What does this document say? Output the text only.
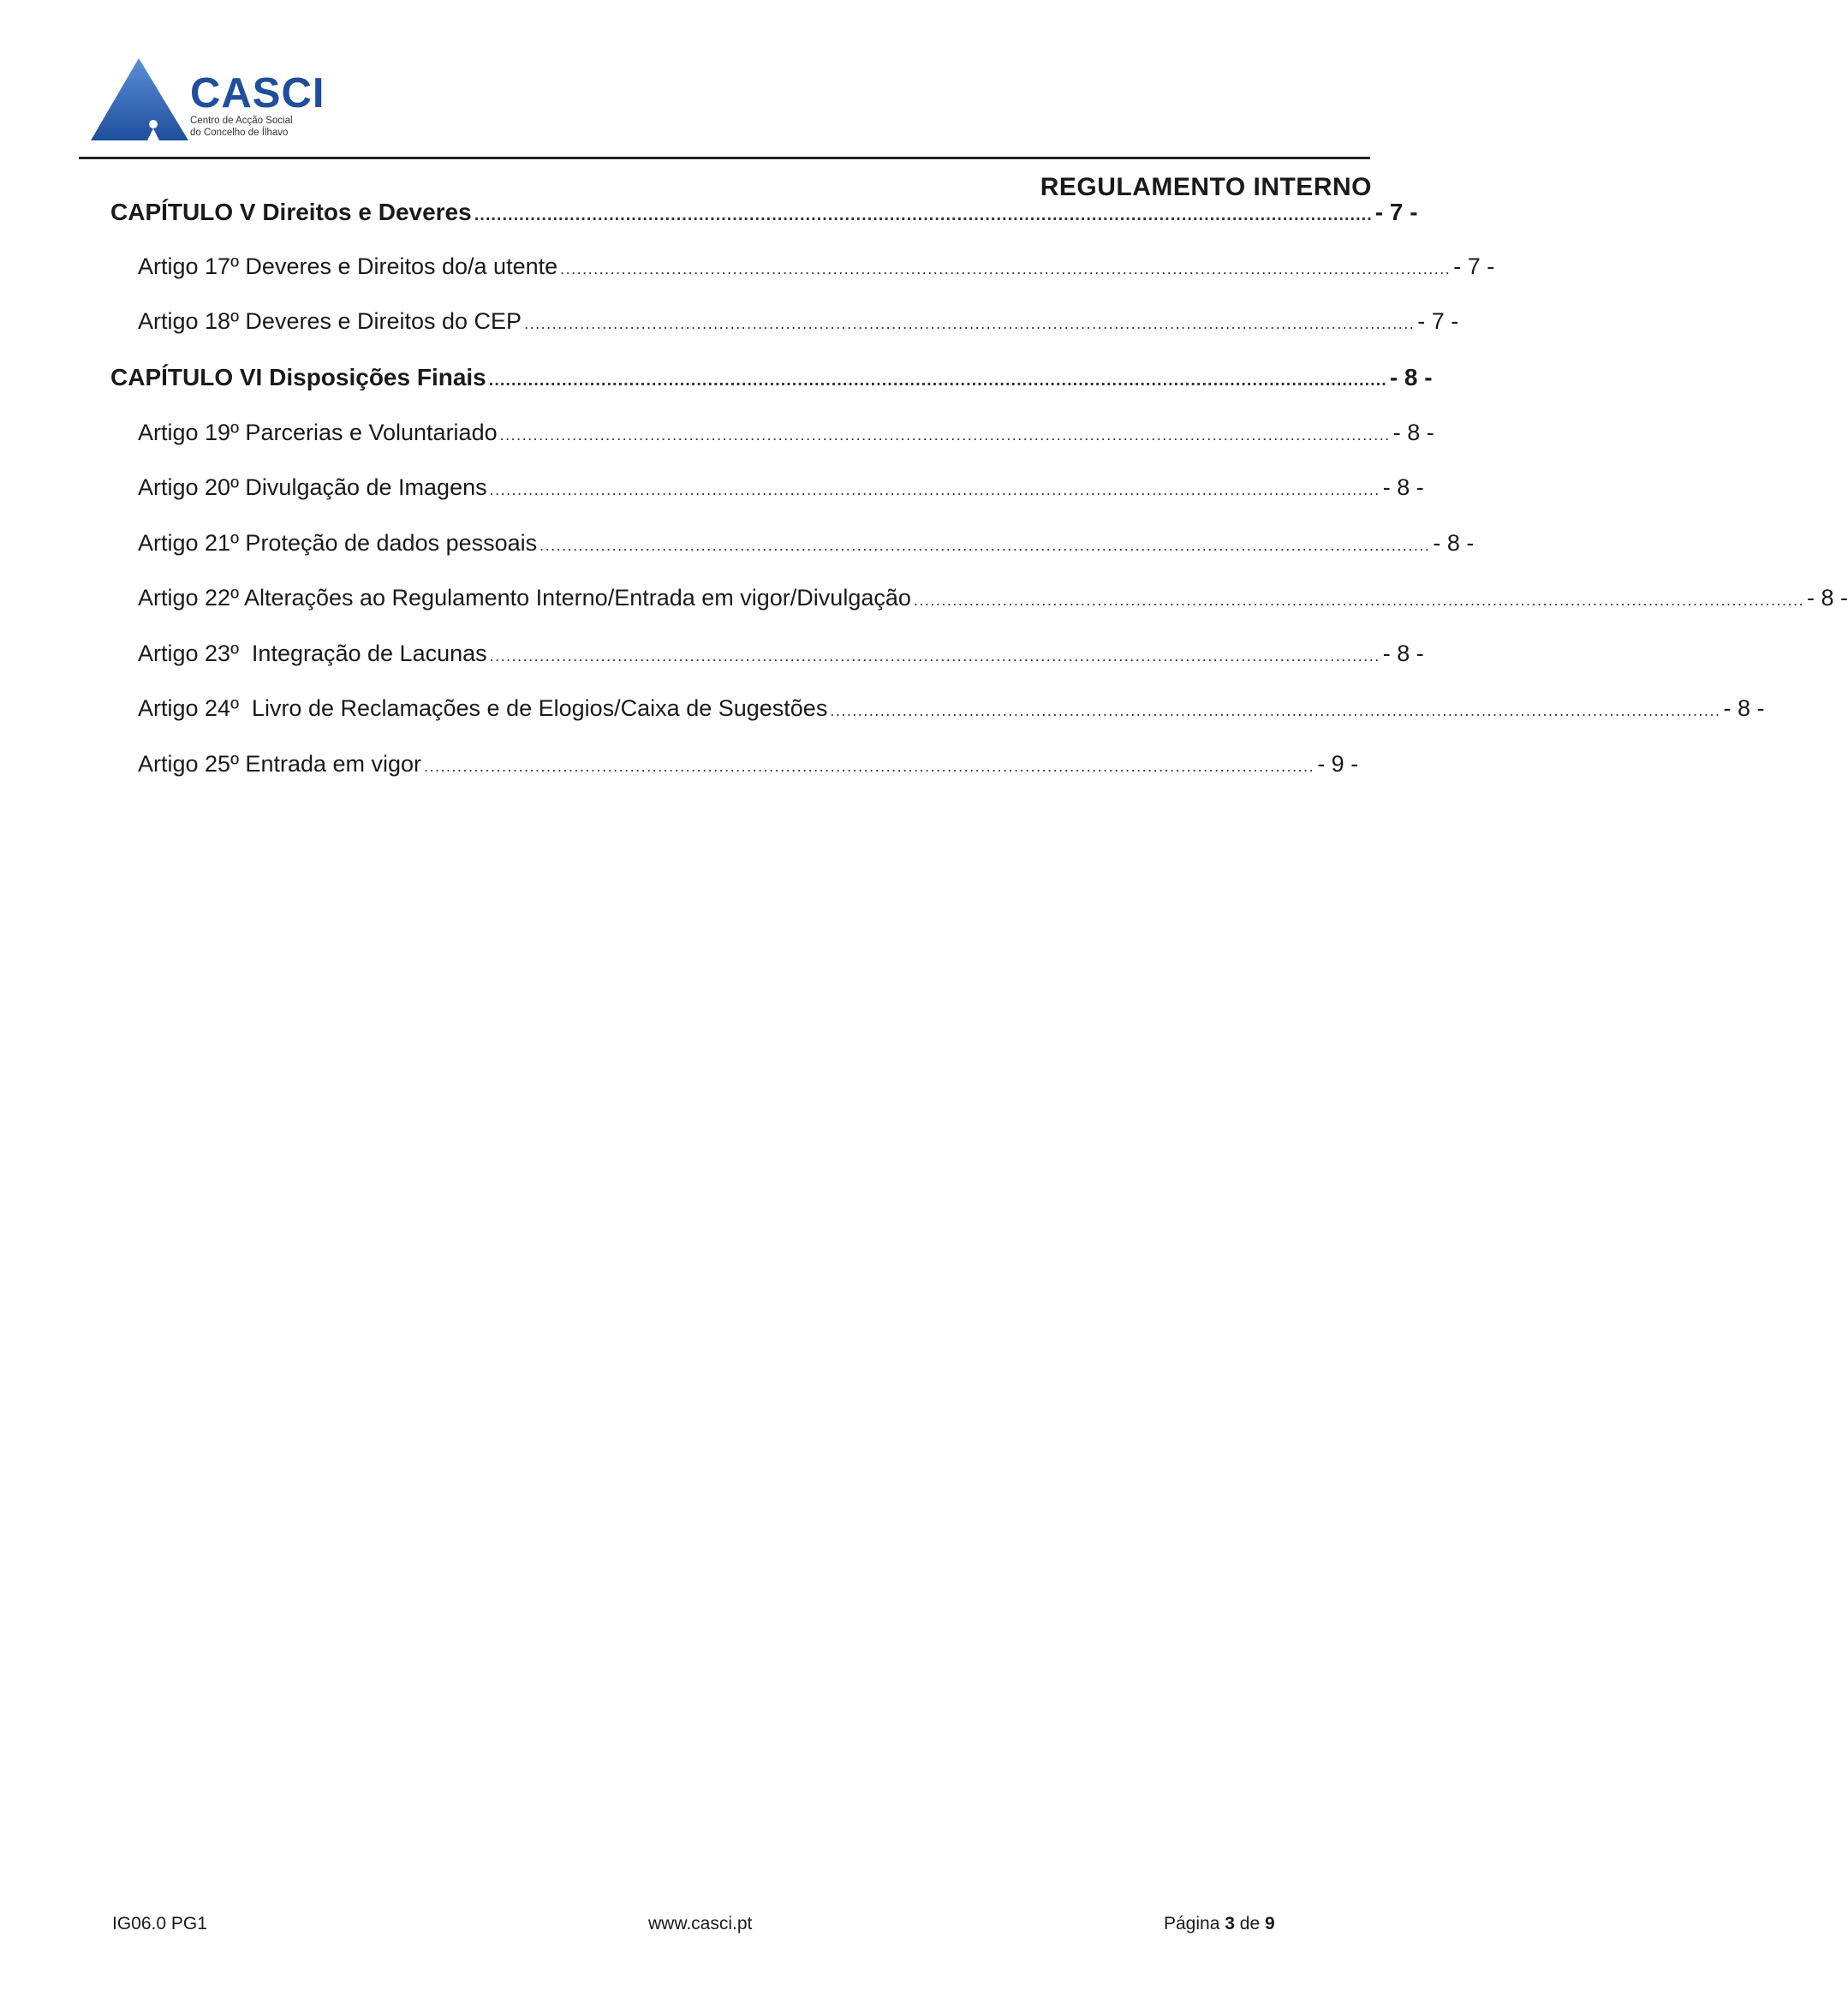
CASCI
Centro de Acção Social
do Concelho de Ílhavo
REGULAMENTO INTERNO
CAPÍTULO V Direitos e Deveres ................................................................................................................................................................ - 7 -
Artigo 17º Deveres e Direitos do/a utente ................................................................................................................................................................ - 7 -
Artigo 18º Deveres e Direitos do CEP ................................................................................................................................................................ - 7 -
CAPÍTULO VI Disposições Finais ................................................................................................................................................................ - 8 -
Artigo 19º Parcerias e Voluntariado ................................................................................................................................................................ - 8 -
Artigo 20º Divulgação de Imagens ................................................................................................................................................................ - 8 -
Artigo 21º Proteção de dados pessoais ................................................................................................................................................................ - 8 -
Artigo 22º Alterações ao Regulamento Interno/Entrada em vigor/Divulgação ................................................................................................................................................................ - 8 -
Artigo 23º  Integração de Lacunas ................................................................................................................................................................ - 8 -
Artigo 24º  Livro de Reclamações e de Elogios/Caixa de Sugestões ................................................................................................................................................................ - 8 -
Artigo 25º Entrada em vigor ................................................................................................................................................................ - 9 -
IG06.0 PG1	www.casci.pt	Página 3 de 9
